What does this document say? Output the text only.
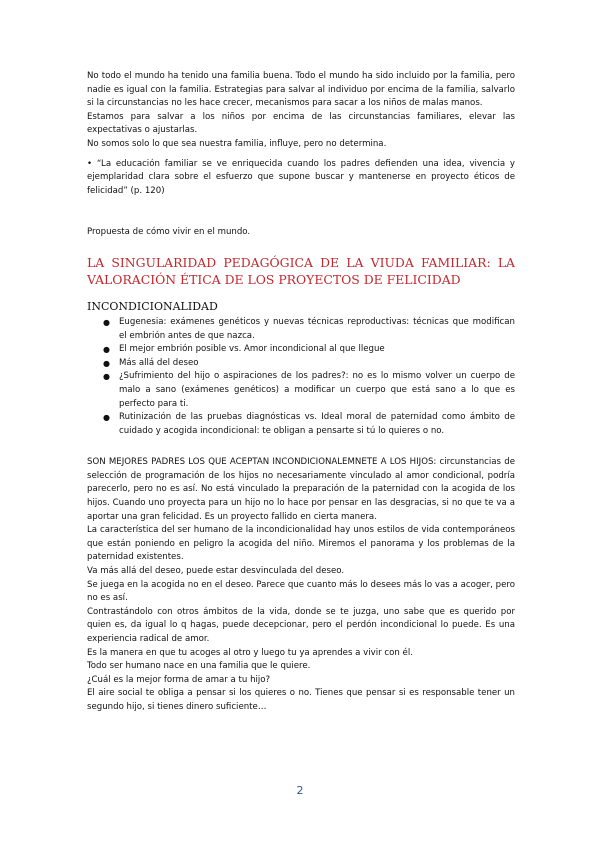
No todo el mundo ha tenido una familia buena. Todo el mundo ha sido incluido por la familia, pero nadie es igual con la familia. Estrategias para salvar al individuo por encima de la familia, salvarlo si la circunstancias no les hace crecer, mecanismos para sacar a los niños de malas manos.

Estamos para salvar a los niños por encima de las circunstancias familiares, elevar las expectativas o ajustarlas.

No somos solo lo que sea nuestra familia, influye, pero no determina.

• “La educación familiar se ve enriquecida cuando los padres defienden una idea, vivencia y ejemplaridad clara sobre el esfuerzo que supone buscar y mantenerse en proyecto éticos de felicidad” (p. 120)

Propuesta de cómo vivir en el mundo.

LA SINGULARIDAD PEDAGÓGICA DE LA VIUDA FAMILIAR: LA VALORACIÓN ÉTICA DE LOS PROYECTOS DE FELICIDAD
INCONDICIONALIDAD
● Eugenesia: exámenes genéticos y nuevas técnicas reproductivas: técnicas que modifican el embrión antes de que nazca.
● El mejor embrión posible vs. Amor incondicional al que llegue
● Más allá del deseo
● ¿Sufrimiento del hijo o aspiraciones de los padres?: no es lo mismo volver un cuerpo de malo a sano (exámenes genéticos) a modificar un cuerpo que está sano a lo que es perfecto para ti.
● Rutinización de las pruebas diagnósticas vs. Ideal moral de paternidad como ámbito de cuidado y acogida incondicional: te obligan a pensarte si tú lo quieres o no.

SON MEJORES PADRES LOS QUE ACEPTAN INCONDICIONALEMNETE A LOS HIJOS: circunstancias de selección de programación de los hijos no necesariamente vinculado al amor condicional, podría parecerlo, pero no es así. No está vinculado la preparación de la paternidad con la acogida de los hijos. Cuando uno proyecta para un hijo no lo hace por pensar en las desgracias, si no que te va a aportar una gran felicidad. Es un proyecto fallido en cierta manera.

La característica del ser humano de la incondicionalidad hay unos estilos de vida contemporáneos que están poniendo en peligro la acogida del niño. Miremos el panorama y los problemas de la paternidad existentes.

Va más allá del deseo, puede estar desvinculada del deseo.

Se juega en la acogida no en el deseo. Parece que cuanto más lo desees más lo vas a acoger, pero no es así.

Contrastándolo con otros ámbitos de la vida, donde se te juzga, uno sabe que es querido por quien es, da igual lo q hagas, puede decepcionar, pero el perdón incondicional lo puede. Es una experiencia radical de amor.

Es la manera en que tu acoges al otro y luego tu ya aprendes a vivir con él.

Todo ser humano nace en una familia que le quiere.

¿Cuál es la mejor forma de amar a tu hijo?

El aire social te obliga a pensar si los quieres o no. Tienes que pensar si es responsable tener un segundo hijo, si tienes dinero suficiente…

2
